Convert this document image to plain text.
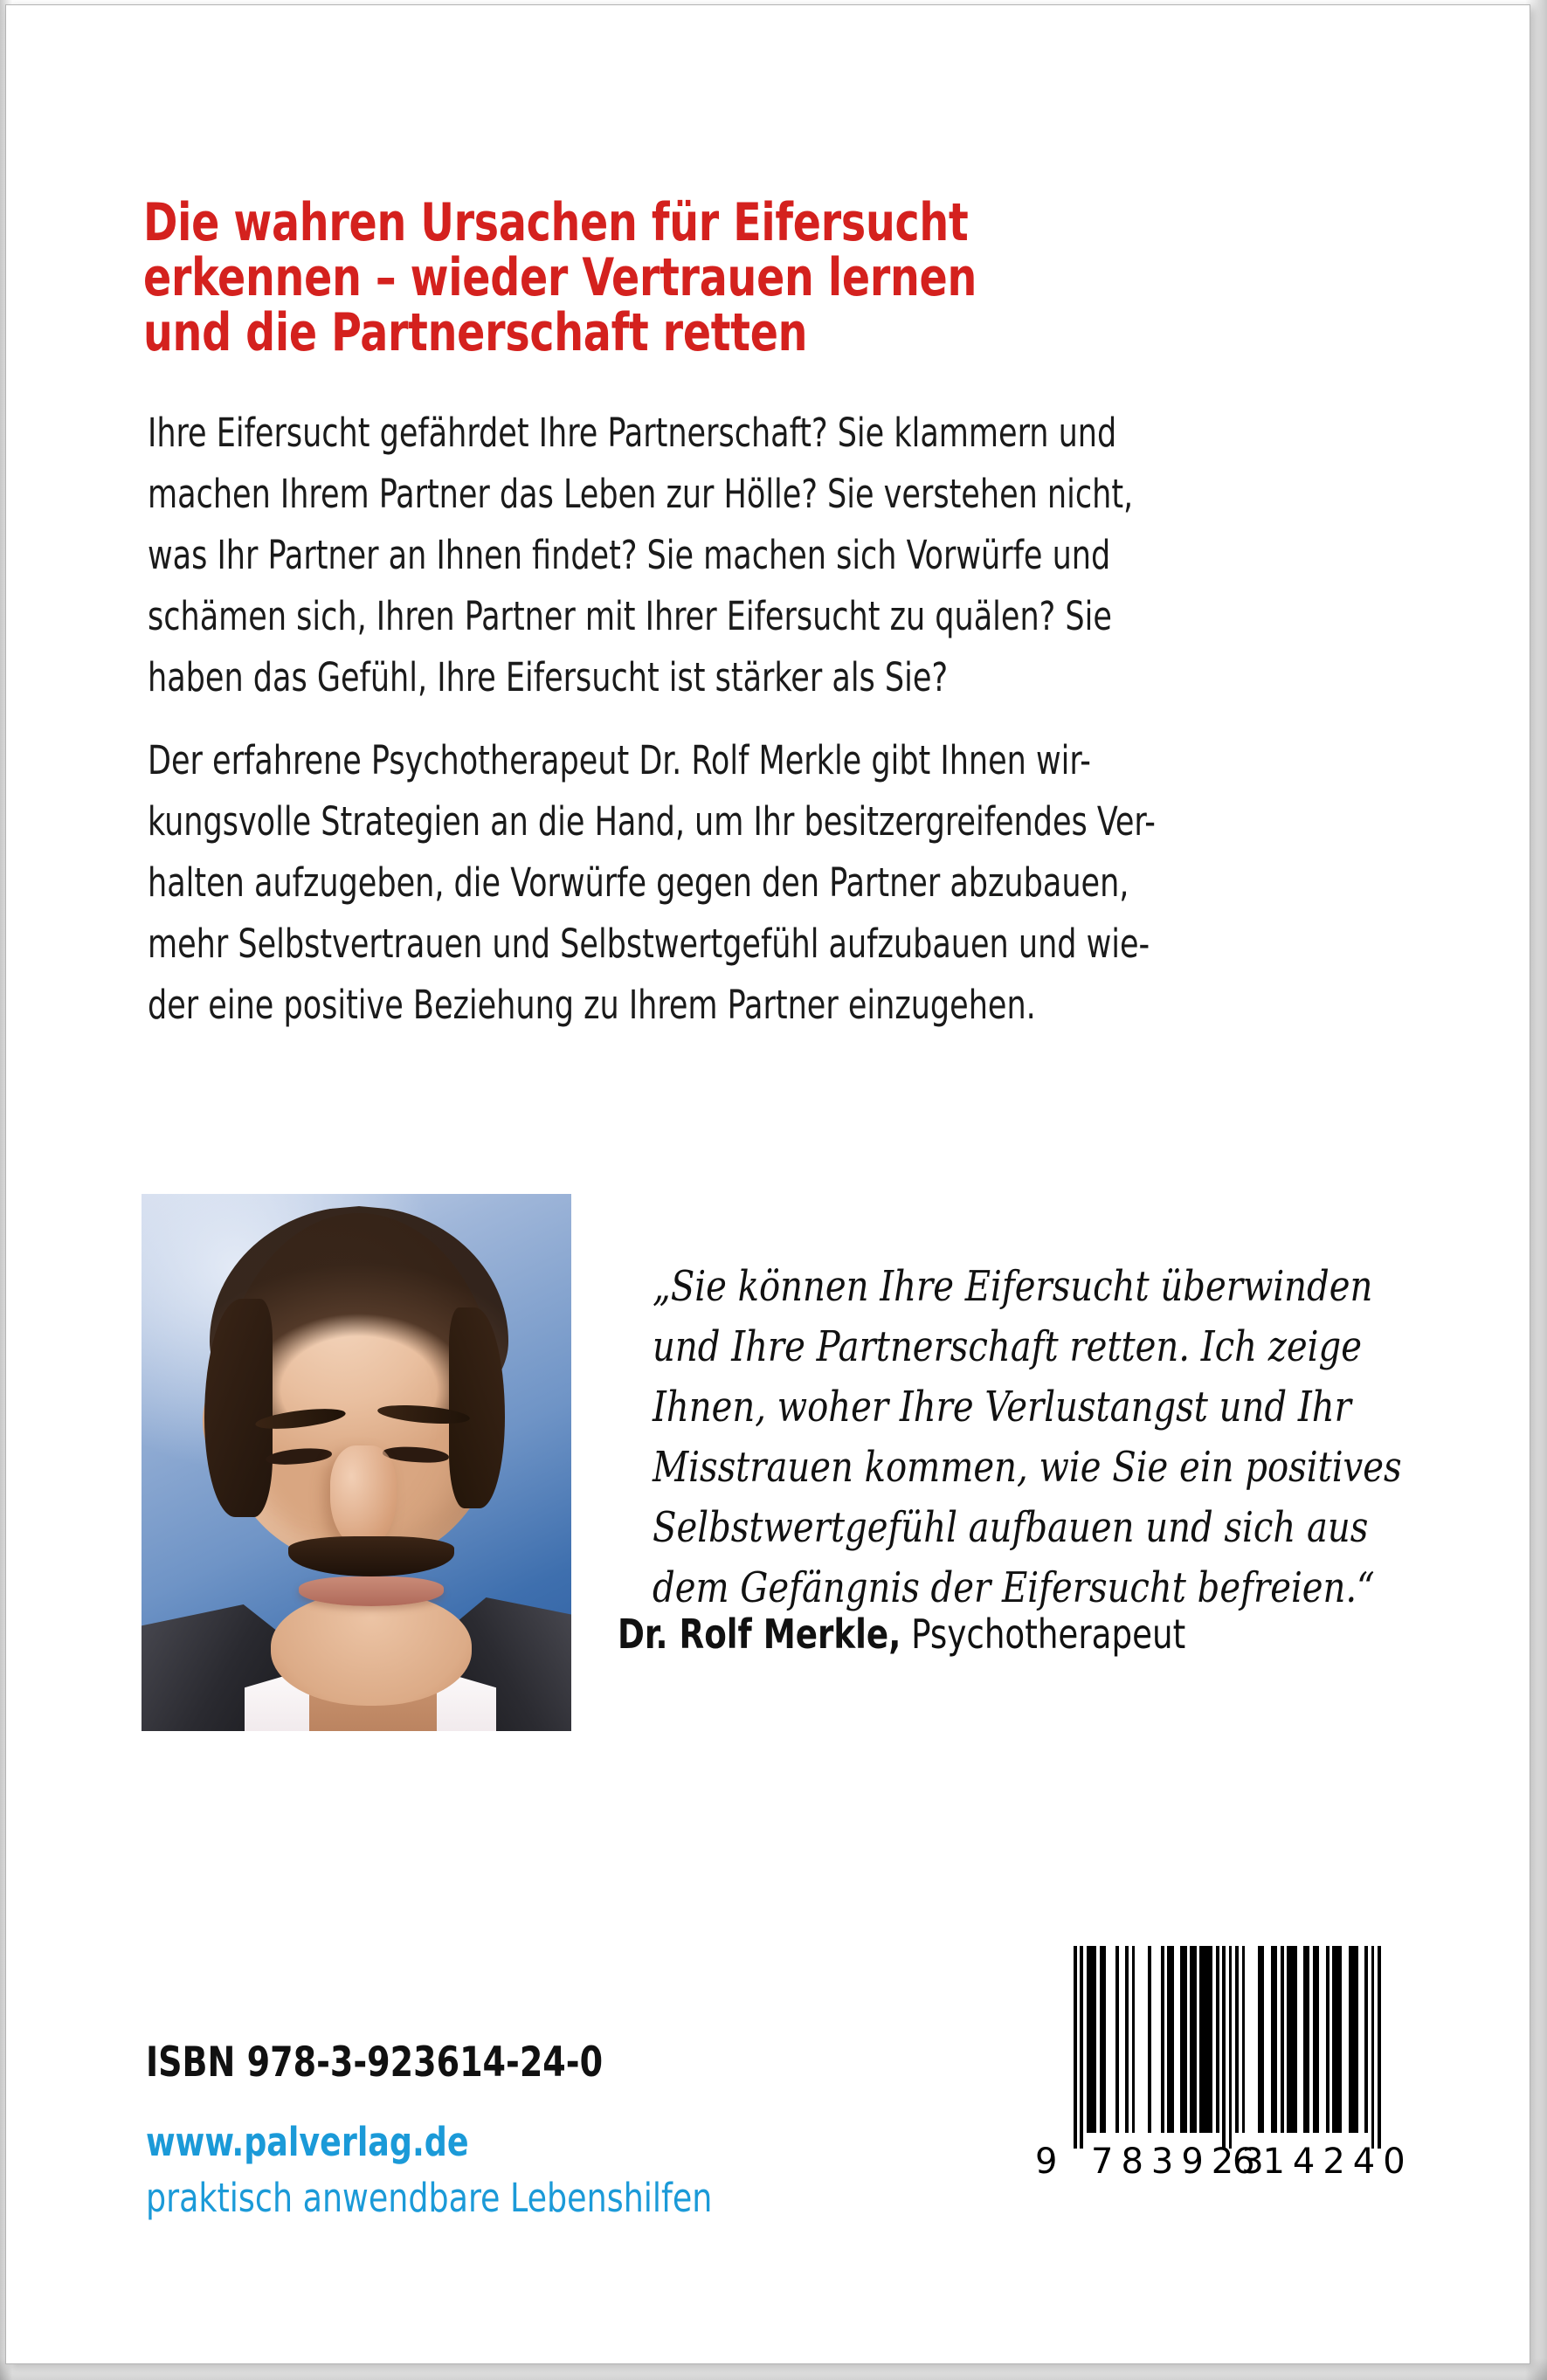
Die wahren Ursachen für Eifersucht
erkennen – wieder Vertrauen lernen
und die Partnerschaft retten
Ihre Eifersucht gefährdet Ihre Partnerschaft? Sie klammern und
machen Ihrem Partner das Leben zur Hölle? Sie verstehen nicht,
was Ihr Partner an Ihnen findet? Sie machen sich Vorwürfe und
schämen sich, Ihren Partner mit Ihrer Eifersucht zu quälen? Sie
haben das Gefühl, Ihre Eifersucht ist stärker als Sie?
Der erfahrene Psychotherapeut Dr. Rolf Merkle gibt Ihnen wir-
kungsvolle Strategien an die Hand, um Ihr besitzergreifendes Ver-
halten aufzugeben, die Vorwürfe gegen den Partner abzubauen,
mehr Selbstvertrauen und Selbstwertgefühl aufzubauen und wie-
der eine positive Beziehung zu Ihrem Partner einzugehen.
„Sie können Ihre Eifersucht überwinden
und Ihre Partnerschaft retten. Ich zeige
Ihnen, woher Ihre Verlustangst und Ihr
Misstrauen kommen, wie Sie ein positives
Selbstwertgefühl aufbauen und sich aus
dem Gefängnis der Eifersucht befreien.“
Dr. Rolf Merkle, Psychotherapeut
ISBN 978-3-923614-24-0
www.palverlag.de
praktisch anwendbare Lebenshilfen
9 783923
614240
